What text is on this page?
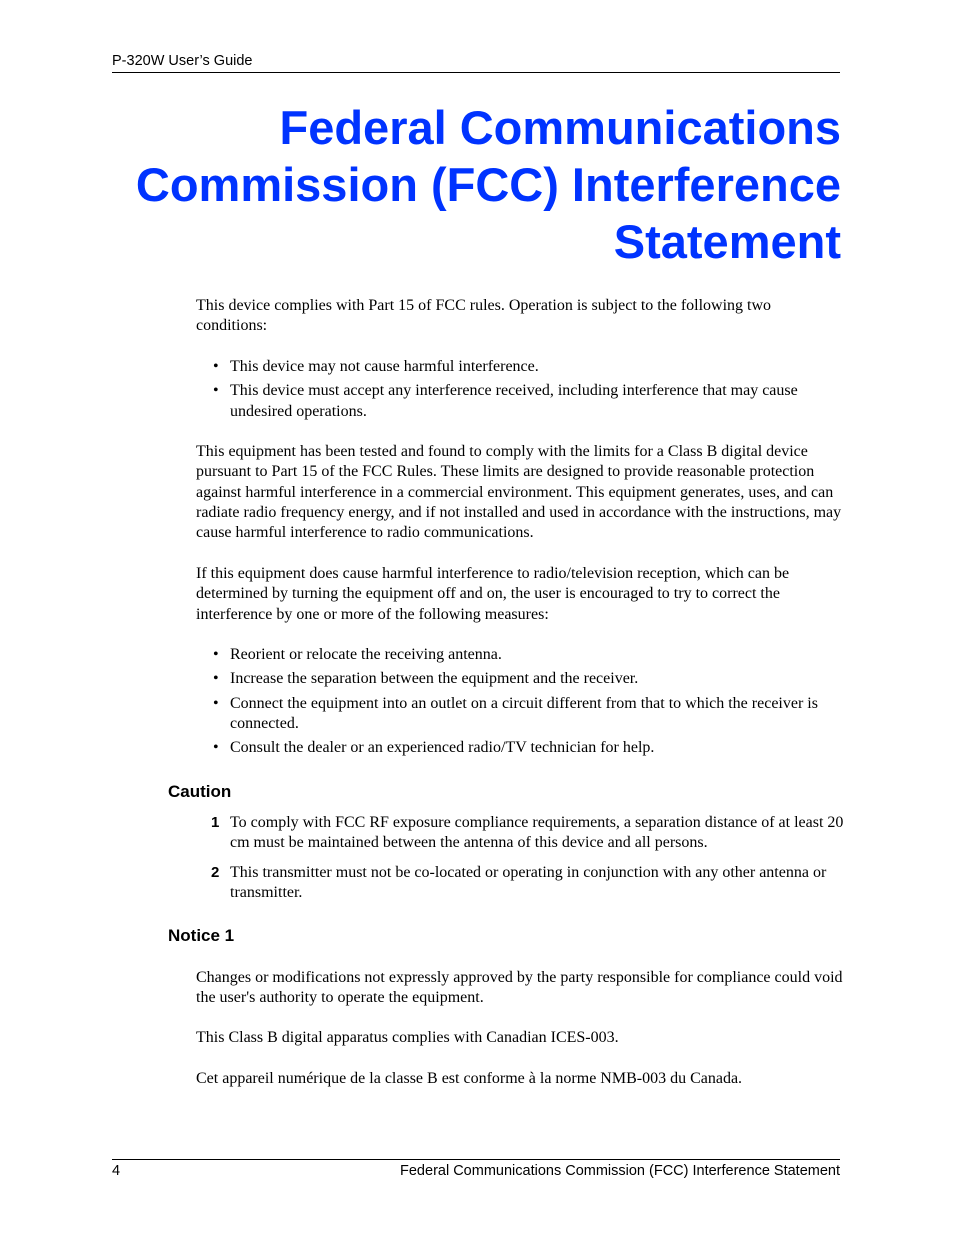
P-320W User’s Guide
Federal Communications
Commission (FCC) Interference
Statement

This device complies with Part 15 of FCC rules. Operation is subject to the following two conditions:

• This device may not cause harmful interference.
• This device must accept any interference received, including interference that may cause undesired operations.

This equipment has been tested and found to comply with the limits for a Class B digital device pursuant to Part 15 of the FCC Rules. These limits are designed to provide reasonable protection against harmful interference in a commercial environment. This equipment generates, uses, and can radiate radio frequency energy, and if not installed and used in accordance with the instructions, may cause harmful interference to radio communications.

If this equipment does cause harmful interference to radio/television reception, which can be determined by turning the equipment off and on, the user is encouraged to try to correct the interference by one or more of the following measures:

• Reorient or relocate the receiving antenna.
• Increase the separation between the equipment and the receiver.
• Connect the equipment into an outlet on a circuit different from that to which the receiver is connected.
• Consult the dealer or an experienced radio/TV technician for help.
Caution
1 To comply with FCC RF exposure compliance requirements, a separation distance of at least 20 cm must be maintained between the antenna of this device and all persons.
2 This transmitter must not be co-located or operating in conjunction with any other antenna or transmitter.
Notice 1

Changes or modifications not expressly approved by the party responsible for compliance could void the user's authority to operate the equipment.

This Class B digital apparatus complies with Canadian ICES-003.

Cet appareil numérique de la classe B est conforme à la norme NMB-003 du Canada.

4	Federal Communications Commission (FCC) Interference Statement
